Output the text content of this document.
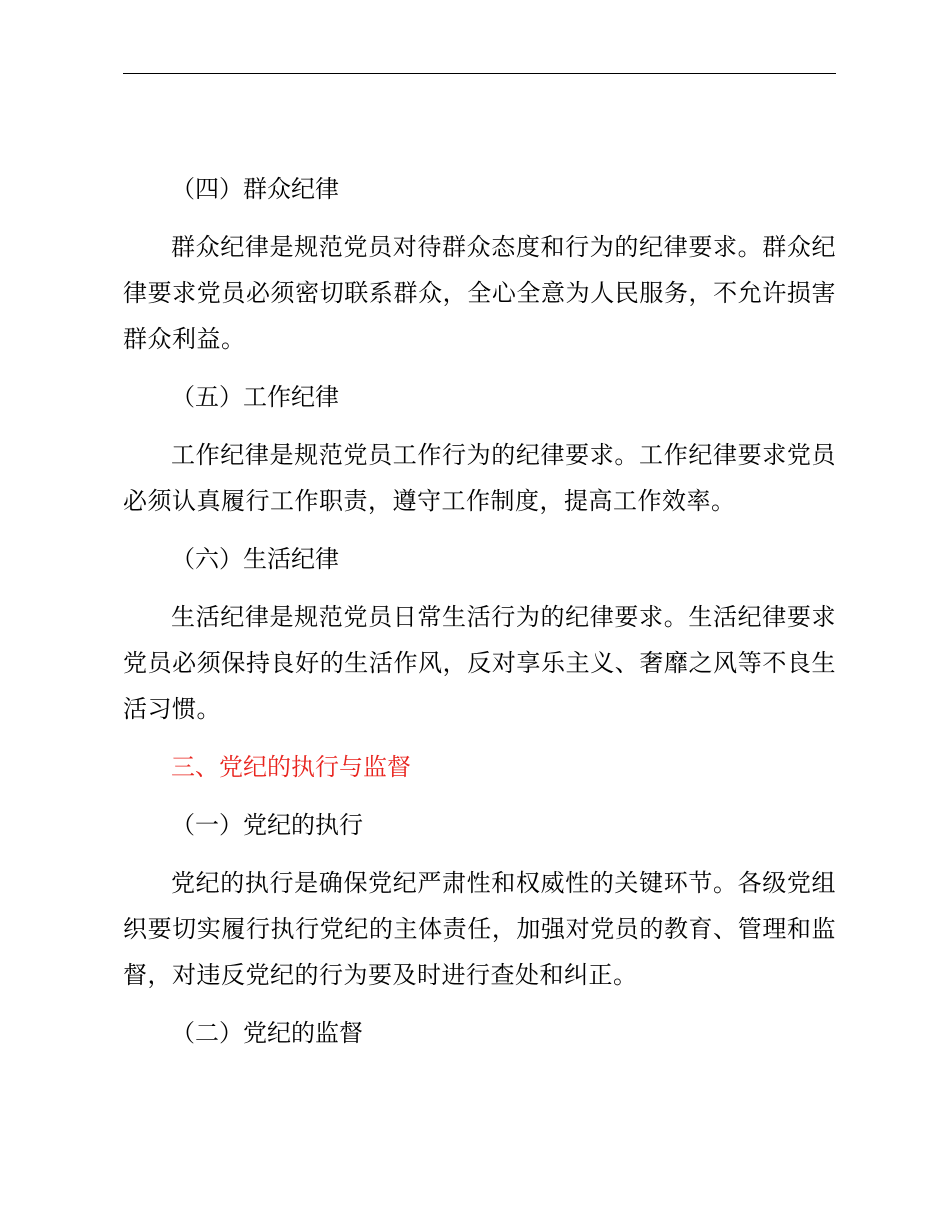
（四）群众纪律

群众纪律是规范党员对待群众态度和行为的纪律要求。群众纪律要求党员必须密切联系群众，全心全意为人民服务，不允许损害群众利益。

（五）工作纪律

工作纪律是规范党员工作行为的纪律要求。工作纪律要求党员必须认真履行工作职责，遵守工作制度，提高工作效率。

（六）生活纪律

生活纪律是规范党员日常生活行为的纪律要求。生活纪律要求党员必须保持良好的生活作风，反对享乐主义、奢靡之风等不良生活习惯。

三、党纪的执行与监督

（一）党纪的执行

党纪的执行是确保党纪严肃性和权威性的关键环节。各级党组织要切实履行执行党纪的主体责任，加强对党员的教育、管理和监督，对违反党纪的行为要及时进行查处和纠正。

（二）党纪的监督
